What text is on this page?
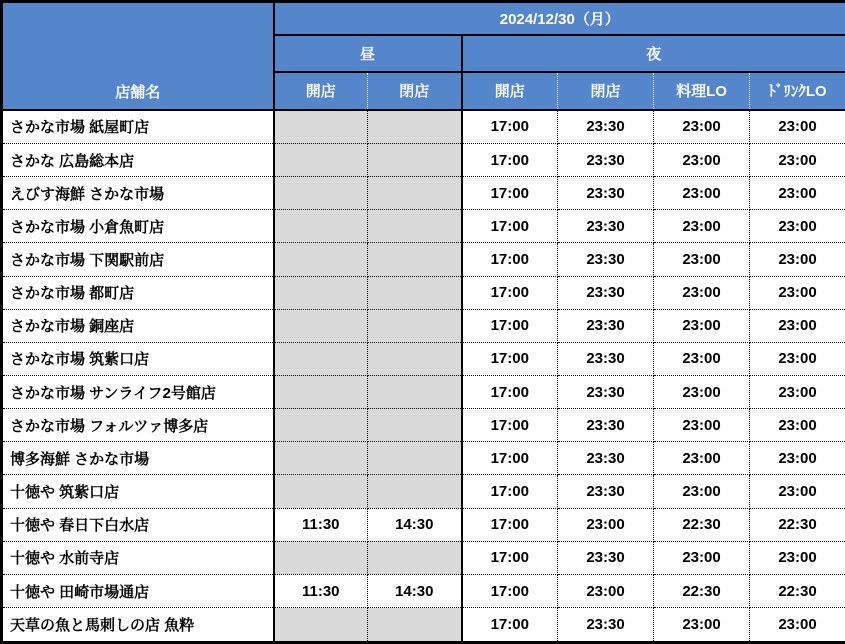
店舗名	2024/12/30（月）					
	昼		夜			
	開店	閉店	開店	閉店	料理LO	ﾄﾞﾘﾝｸLO
さかな市場 紙屋町店			17:00	23:30	23:00	23:00
さかな 広島総本店			17:00	23:30	23:00	23:00
えびす海鮮 さかな市場			17:00	23:30	23:00	23:00
さかな市場 小倉魚町店			17:00	23:30	23:00	23:00
さかな市場 下関駅前店			17:00	23:30	23:00	23:00
さかな市場 都町店			17:00	23:30	23:00	23:00
さかな市場 銅座店			17:00	23:30	23:00	23:00
さかな市場 筑紫口店			17:00	23:30	23:00	23:00
さかな市場 サンライフ2号館店			17:00	23:30	23:00	23:00
さかな市場 フォルツァ博多店			17:00	23:30	23:00	23:00
博多海鮮 さかな市場			17:00	23:30	23:00	23:00
十徳や 筑紫口店			17:00	23:30	23:00	23:00
十徳や 春日下白水店	11:30	14:30	17:00	23:00	22:30	22:30
十徳や 水前寺店			17:00	23:30	23:00	23:00
十徳や 田崎市場通店	11:30	14:30	17:00	23:00	22:30	22:30
天草の魚と馬刺しの店 魚粋			17:00	23:30	23:00	23:00
